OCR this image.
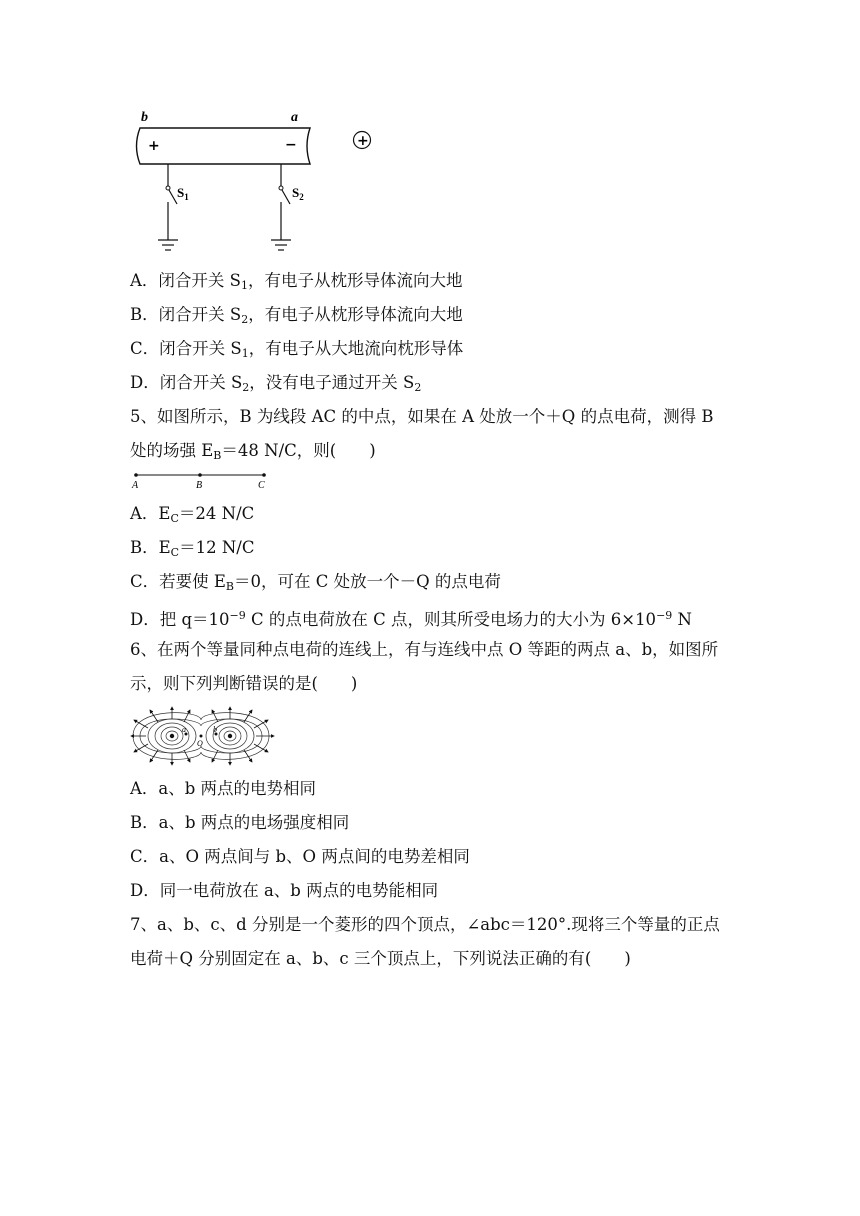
b	a
+	−
$S_1$	$S_2$
+
A．闭合开关 $S_1$，有电子从枕形导体流向大地
B．闭合开关 $S_2$，有电子从枕形导体流向大地
C．闭合开关 $S_1$，有电子从大地流向枕形导体
D．闭合开关 $S_2$，没有电子通过开关 $S_2$
5、如图所示，B 为线段 AC 的中点，如果在 A 处放一个＋Q 的点电荷，测得 B
处的场强 $E_B=48$ N/C，则(　　)
A	B	C
A．$E_C=24$ N/C
B．$E_C=12$ N/C
C．若要使 $E_B=0$，可在 C 处放一个－Q 的点电荷
D．把 $q=10^{-9}$ C 的点电荷放在 C 点，则其所受电场力的大小为 $6\times 10^{-9}$ N
6、在两个等量同种点电荷的连线上，有与连线中点 O 等距的两点 a、b，如图所
示，则下列判断错误的是(　　)
a
O
b
A．a、b 两点的电势相同
B．a、b 两点的电场强度相同
C．a、O 两点间与 b、O 两点间的电势差相同
D．同一电荷放在 a、b 两点的电势能相同
7、a、b、c、d 分别是一个菱形的四个顶点，∠abc＝120°.现将三个等量的正点
电荷＋Q 分别固定在 a、b、c 三个顶点上，下列说法正确的有(　　)
